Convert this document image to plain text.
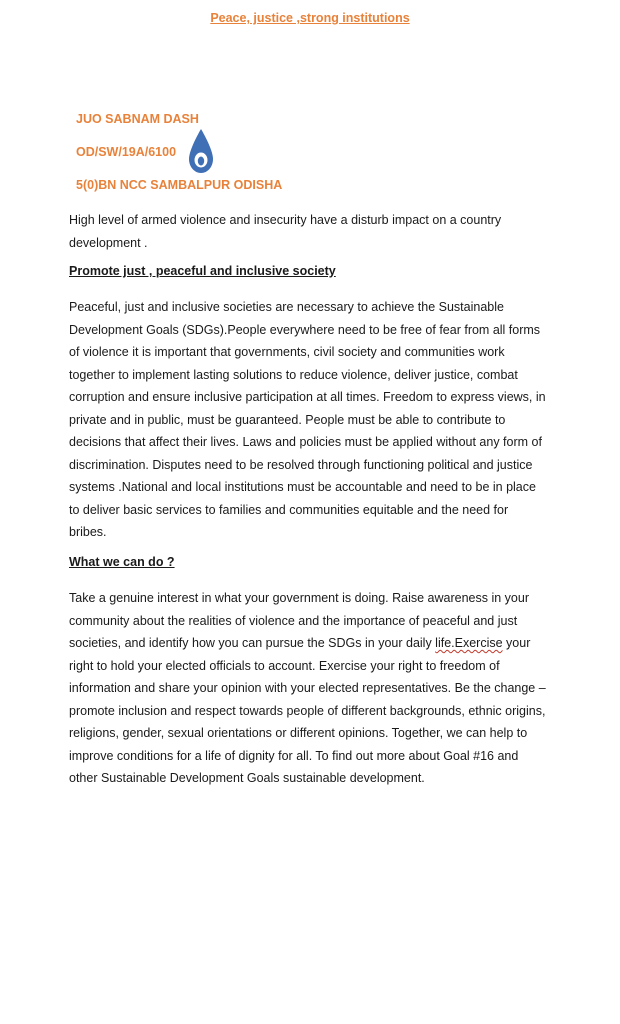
Peace, justice ,strong institutions
JUO SABNAM DASH
OD/SW/19A/6100
5(0)BN NCC SAMBALPUR ODISHA

High level of armed violence and insecurity have a disturb impact on a country development .

Promote just , peaceful and inclusive society

Peaceful, just and inclusive societies are necessary to achieve the Sustainable Development Goals (SDGs).People everywhere need to be free of fear from all forms of violence it is important that governments, civil society and communities work together to implement lasting solutions to reduce violence, deliver justice, combat corruption and ensure inclusive participation at all times. Freedom to express views, in private and in public, must be guaranteed. People must be able to contribute to decisions that affect their lives. Laws and policies must be applied without any form of discrimination. Disputes need to be resolved through functioning political and justice systems .National and local institutions must be accountable and need to be in place to deliver basic services to families and communities equitable and the need for bribes.

What we can do ?

Take a genuine interest in what your government is doing. Raise awareness in your community about the realities of violence and the importance of peaceful and just societies, and identify how you can pursue the SDGs in your daily life.Exercise your right to hold your elected officials to account. Exercise your right to freedom of information and share your opinion with your elected representatives. Be the change – promote inclusion and respect towards people of different backgrounds, ethnic origins, religions, gender, sexual orientations or different opinions. Together, we can help to improve conditions for a life of dignity for all. To find out more about Goal #16 and other Sustainable Development Goals sustainable development.
